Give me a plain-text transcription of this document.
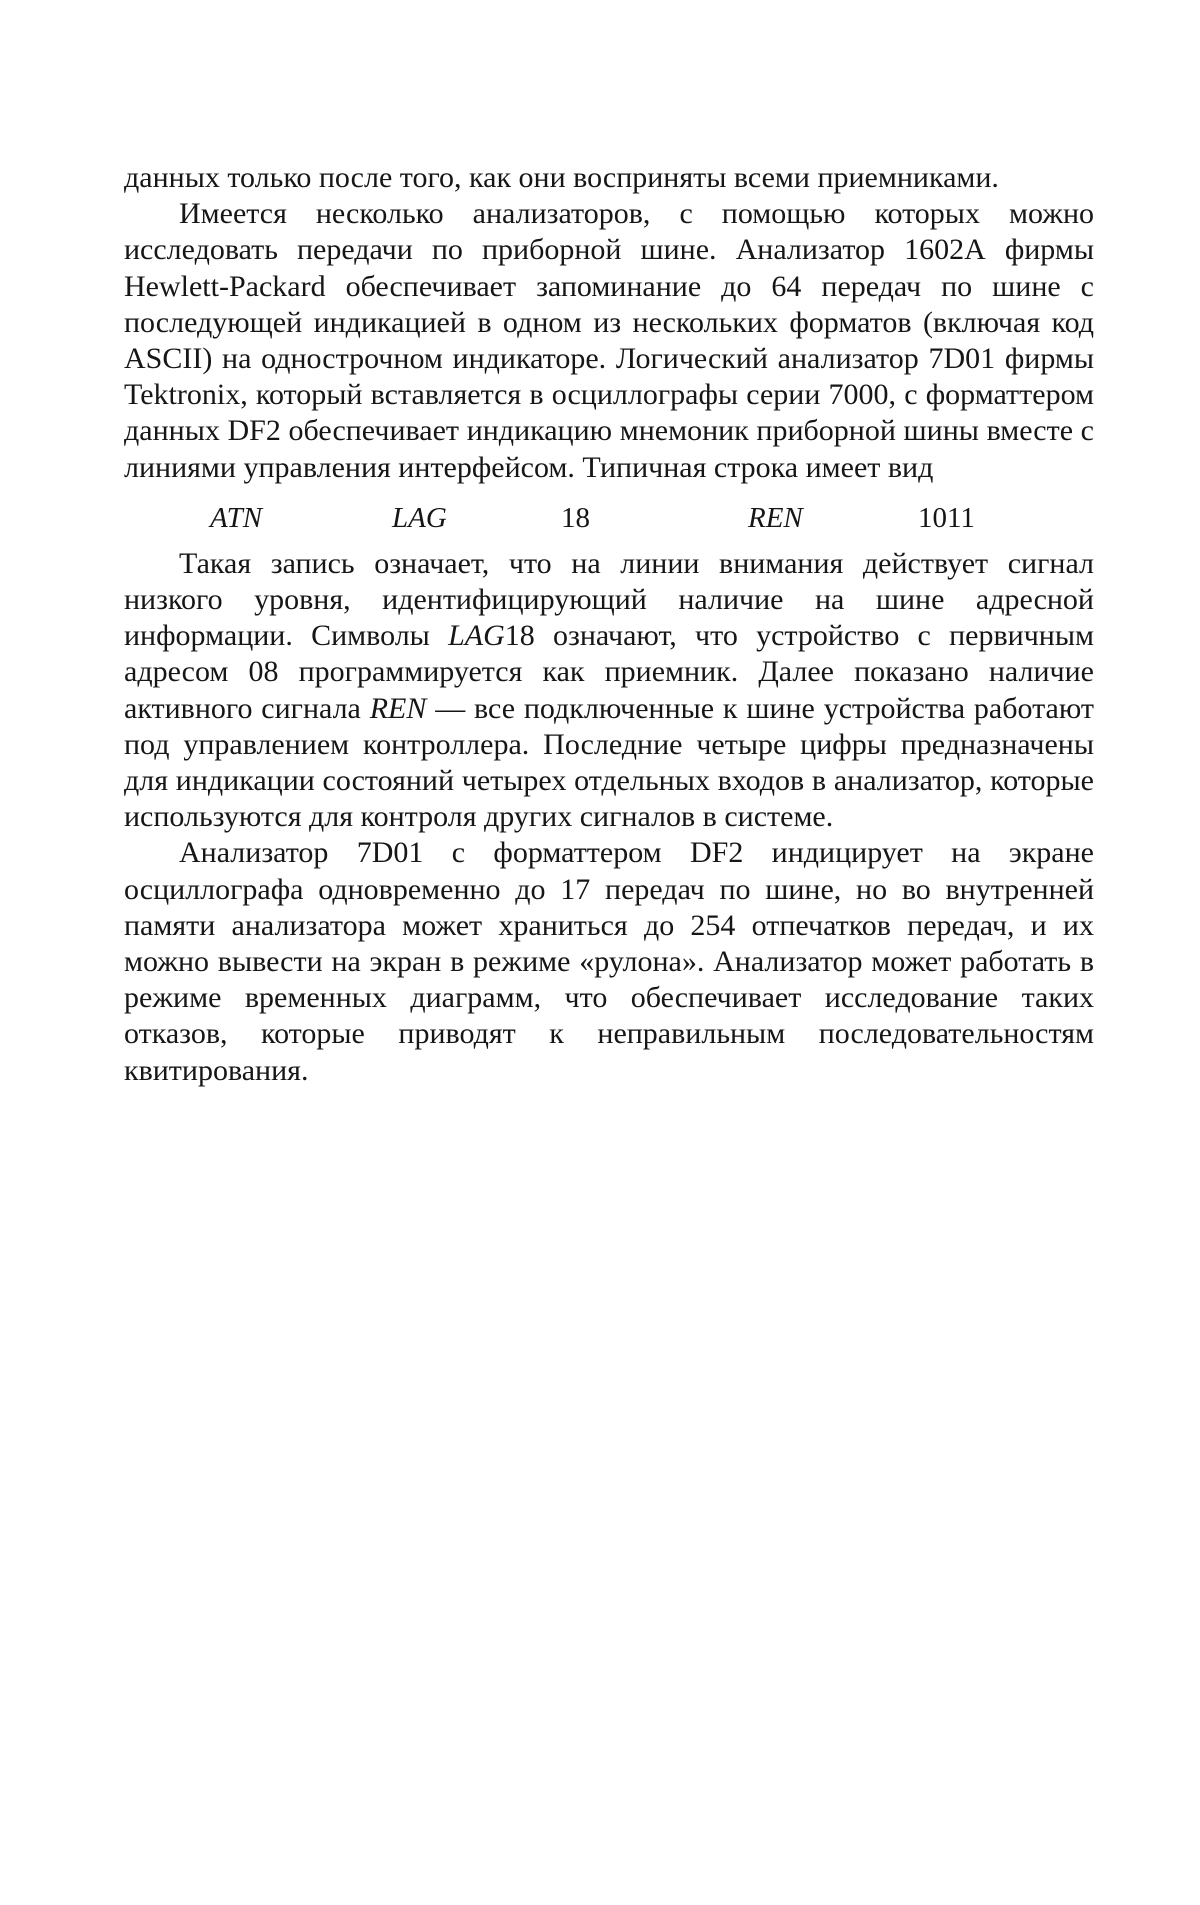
данных только после того, как они восприняты всеми приемниками.

Имеется несколько анализаторов, с помощью которых можно исследовать передачи по приборной шине. Анализатор 1602А фирмы Hewlett-Packard обеспечивает запоминание до 64 передач по шине с последующей индикацией в одном из нескольких форматов (включая код ASCII) на однострочном индикаторе. Логический анализатор 7D01 фирмы Tektronix, который вставляется в осциллографы серии 7000, с форматтером данных DF2 обеспечивает индикацию мнемоник приборной шины вместе с линиями управления интерфейсом. Типичная строка имеет вид

ATN	LAG	18	REN	1011

Такая запись означает, что на линии внимания действует сигнал низкого уровня, идентифицирующий наличие на шине адресной информации. Символы LAG18 означают, что устройство с первичным адресом 08 программируется как приемник. Далее показано наличие активного сигнала REN — все подключенные к шине устройства работают под управлением контроллера. Последние четыре цифры предназначены для индикации состояний четырех отдельных входов в анализатор, которые используются для контроля других сигналов в системе.

Анализатор 7D01 с форматтером DF2 индицирует на экране осциллографа одновременно до 17 передач по шине, но во внутренней памяти анализатора может храниться до 254 отпечатков передач, и их можно вывести на экран в режиме «рулона». Анализатор может работать в режиме временных диаграмм, что обеспечивает исследование таких отказов, которые приводят к неправильным последовательностям квитирования.
